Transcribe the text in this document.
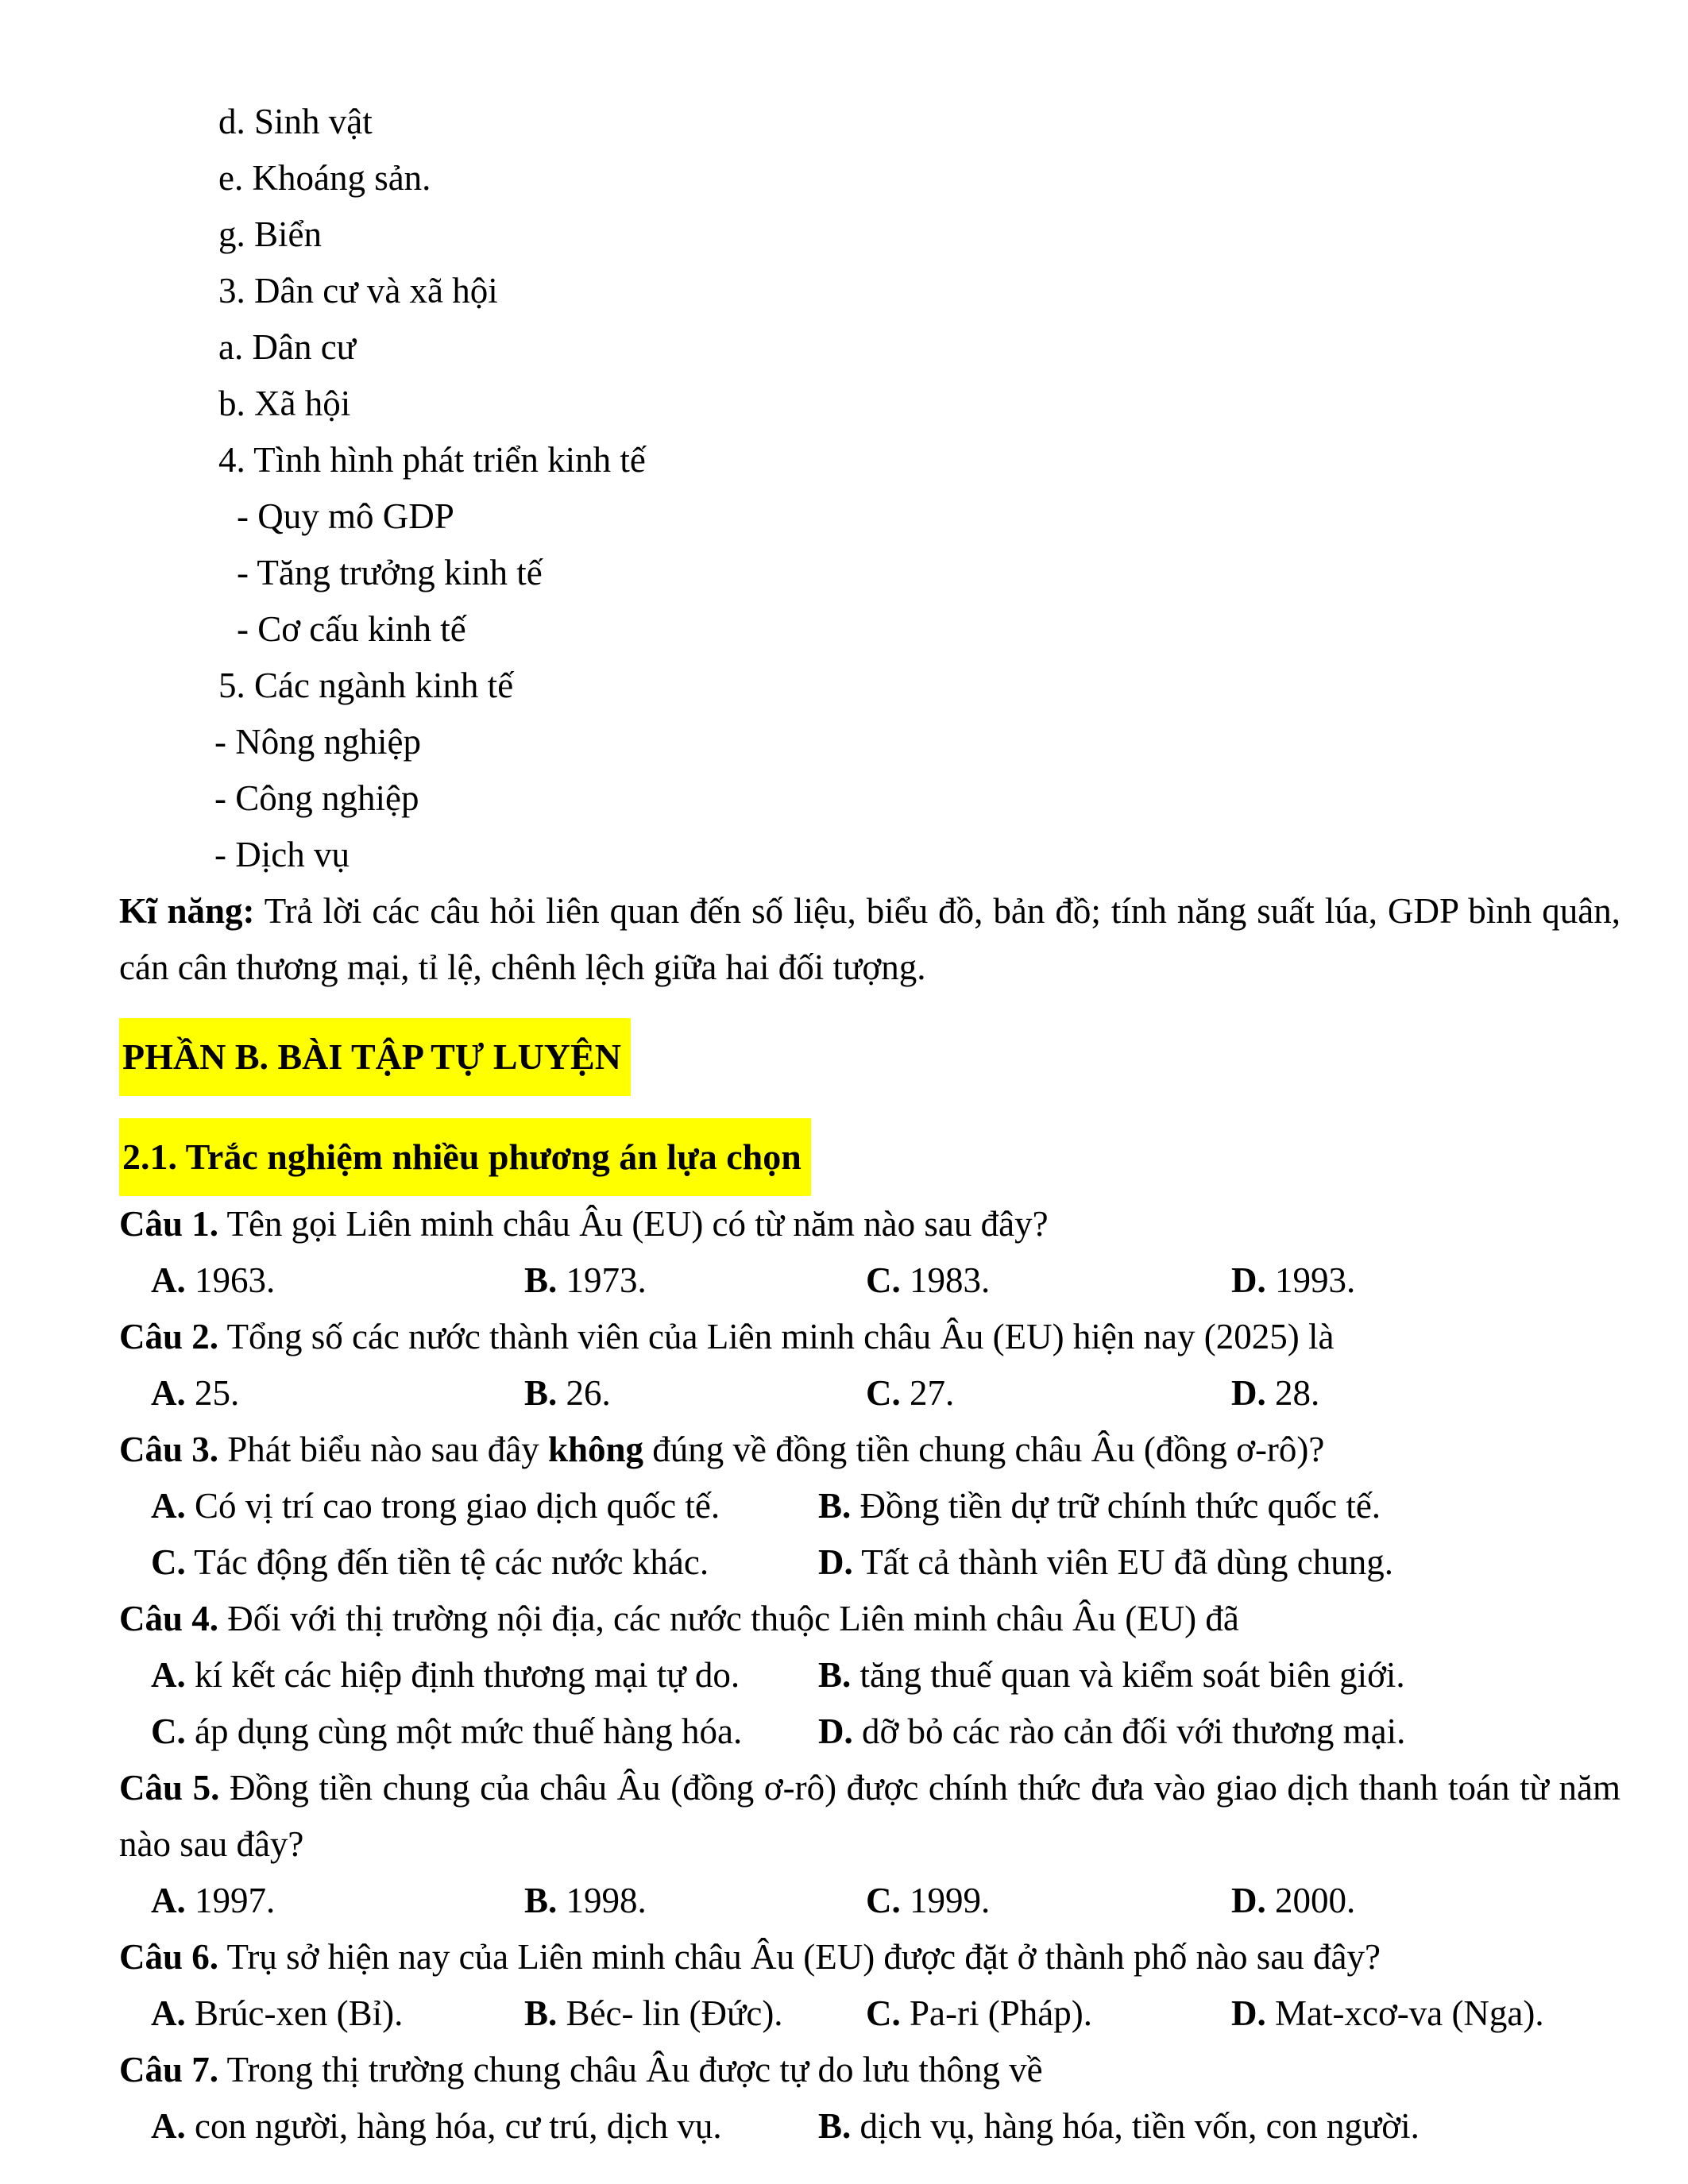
d. Sinh vật
e. Khoáng sản.
g. Biển
3. Dân cư và xã hội
a. Dân cư
b. Xã hội
4. Tình hình phát triển kinh tế
- Quy mô GDP
- Tăng trưởng kinh tế
- Cơ cấu kinh tế
5. Các ngành kinh tế
- Nông nghiệp
- Công nghiệp
- Dịch vụ

Kĩ năng: Trả lời các câu hỏi liên quan đến số liệu, biểu đồ, bản đồ; tính năng suất lúa, GDP bình quân, cán cân thương mại, tỉ lệ, chênh lệch giữa hai đối tượng.

PHẦN B. BÀI TẬP TỰ LUYỆN
2.1. Trắc nghiệm nhiều phương án lựa chọn
Câu 1. Tên gọi Liên minh châu Âu (EU) có từ năm nào sau đây?
A. 1963.	B. 1973.	C. 1983.	D. 1993.
Câu 2. Tổng số các nước thành viên của Liên minh châu Âu (EU) hiện nay (2025) là
A. 25.	B. 26.	C. 27.	D. 28.
Câu 3. Phát biểu nào sau đây không đúng về đồng tiền chung châu Âu (đồng ơ-rô)?
A. Có vị trí cao trong giao dịch quốc tế.	B. Đồng tiền dự trữ chính thức quốc tế.
C. Tác động đến tiền tệ các nước khác.	D. Tất cả thành viên EU đã dùng chung.
Câu 4. Đối với thị trường nội địa, các nước thuộc Liên minh châu Âu (EU) đã
A. kí kết các hiệp định thương mại tự do.	B. tăng thuế quan và kiểm soát biên giới.
C. áp dụng cùng một mức thuế hàng hóa.	D. dỡ bỏ các rào cản đối với thương mại.
Câu 5. Đồng tiền chung của châu Âu (đồng ơ-rô) được chính thức đưa vào giao dịch thanh toán từ năm nào sau đây?
A. 1997.	B. 1998.	C. 1999.	D. 2000.
Câu 6. Trụ sở hiện nay của Liên minh châu Âu (EU) được đặt ở thành phố nào sau đây?
A. Brúc-xen (Bỉ).	B. Béc- lin (Đức).	C. Pa-ri (Pháp).	D. Mat-xcơ-va (Nga).
Câu 7. Trong thị trường chung châu Âu được tự do lưu thông về
A. con người, hàng hóa, cư trú, dịch vụ.	B. dịch vụ, hàng hóa, tiền vốn, con người.
